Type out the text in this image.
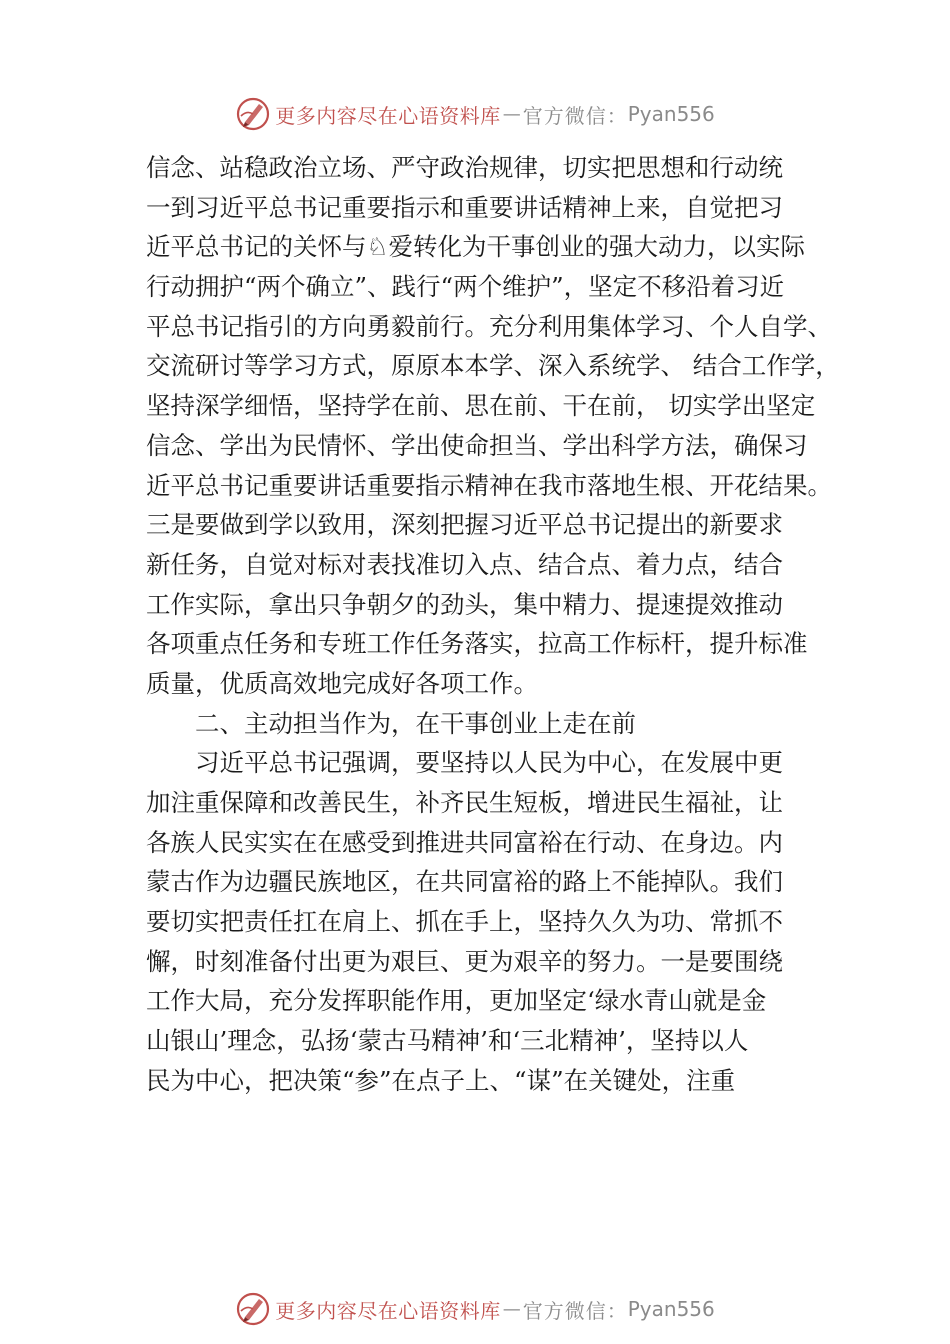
更多内容尽在心语资料库 — 官方微信： Pyan556
信念、站稳政治立场、严守政治规律，切实把思想和行动统
一到习近平总书记重要指示和重要讲话精神上来，自觉把习
近平总书记的关怀与♘爱转化为干事创业的强大动力，以实际
行动拥护“两个确立”、践行“两个维护”，坚定不移沿着习近
平总书记指引的方向勇毅前行。充分利用集体学习、个人自学、
交流研讨等学习方式，原原本本学、深入系统学、 结合工作学，
坚持深学细悟，坚持学在前、思在前、干在前， 切实学出坚定
信念、学出为民情怀、学出使命担当、学出科学方法，确保习
近平总书记重要讲话重要指示精神在我市落地生根、开花结果。
三是要做到学以致用，深刻把握习近平总书记提出的新要求
新任务，自觉对标对表找准切入点、结合点、着力点，结合
工作实际，拿出只争朝夕的劲头，集中精力、提速提效推动
各项重点任务和专班工作任务落实，拉高工作标杆，提升标准
质量，优质高效地完成好各项工作。
二、主动担当作为，在干事创业上走在前
习近平总书记强调，要坚持以人民为中心，在发展中更
加注重保障和改善民生，补齐民生短板，增进民生福祉，让
各族人民实实在在感受到推进共同富裕在行动、在身边。内
蒙古作为边疆民族地区，在共同富裕的路上不能掉队。我们
要切实把责任扛在肩上、抓在手上，坚持久久为功、常抓不
懈，时刻准备付出更为艰巨、更为艰辛的努力。一是要围绕
工作大局，充分发挥职能作用，更加坚定‘绿水青山就是金
山银山’理念，弘扬‘蒙古马精神’和‘三北精神’，坚持以人
民为中心，把决策“参”在点子上、“谋”在关键处，注重
更多内容尽在心语资料库 — 官方微信： Pyan556
